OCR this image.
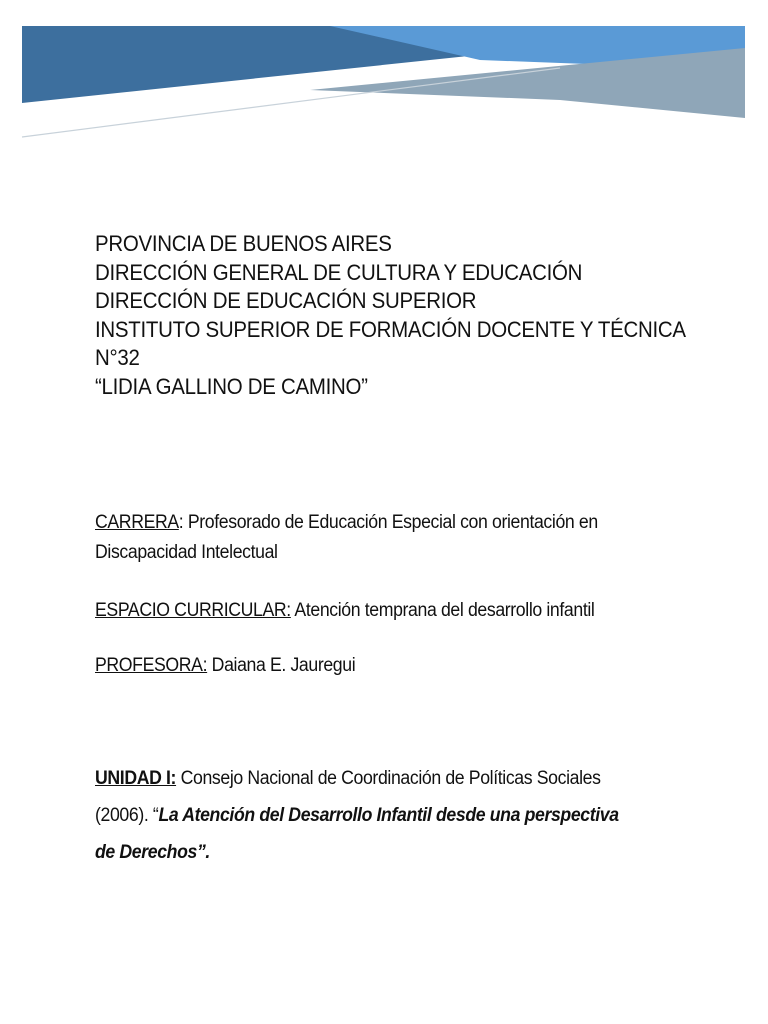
PROVINCIA DE BUENOS AIRES
DIRECCIÓN GENERAL DE CULTURA Y EDUCACIÓN
DIRECCIÓN DE EDUCACIÓN SUPERIOR
INSTITUTO SUPERIOR DE FORMACIÓN DOCENTE Y TÉCNICA
N°32
“LIDIA GALLINO DE CAMINO”
CARRERA: Profesorado de Educación Especial con orientación en
Discapacidad Intelectual
ESPACIO CURRICULAR: Atención temprana del desarrollo infantil
PROFESORA: Daiana E. Jauregui
UNIDAD I: Consejo Nacional de Coordinación de Políticas Sociales
(2006). “La Atención del Desarrollo Infantil desde una perspectiva
de Derechos”.
